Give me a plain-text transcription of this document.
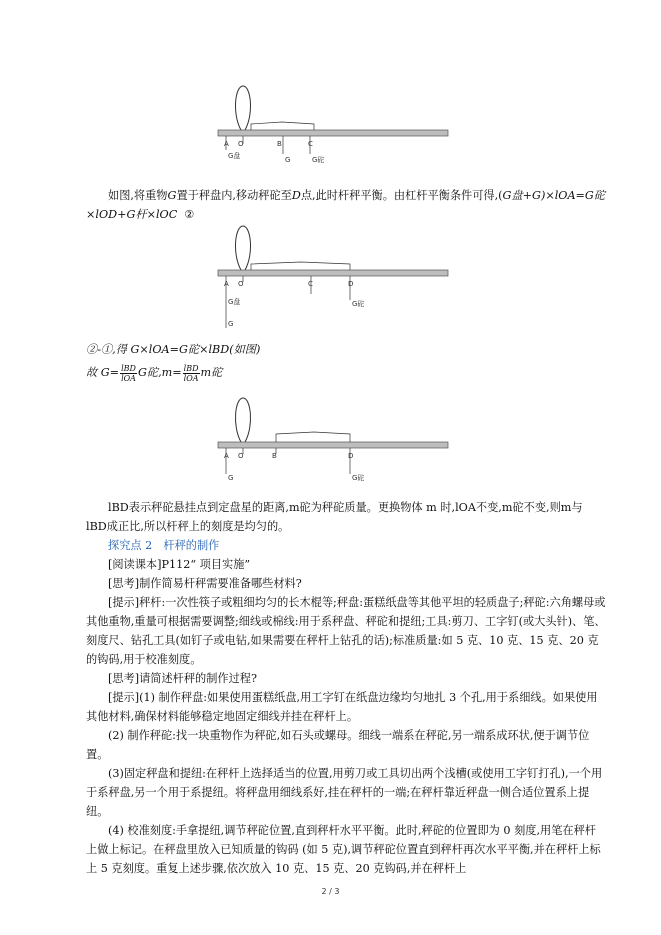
A O	B	C
G盘	G	G砣
如图,将重物G置于秤盘内,移动秤砣至D点,此时杆秤平衡。由杠杆平衡条件可得,(G盘+G)×lOA=G砣×lOD+G杆×lOC ②
A O	C	D
G盘
G
G砣
②-①,得 G×lOA=G砣×lBD(如图)
故 $G= \frac{\text{lBD}}{\text{lOA}}$ G砣$,m= \frac{\text{lBD}}{\text{lOA}}$ m砣
A O	B	D
G	G砣
lBD表示秤砣悬挂点到定盘星的距离,m砣为秤砣质量。更换物体 m 时,lOA不变,m砣不变,则m与 lBD成正比,所以杆秤上的刻度是均匀的。
探究点 2　杆秤的制作
[阅读课本]P112“ 项目实施”
[思考]制作简易杆秤需要准备哪些材料?
[提示]秤杆:一次性筷子或粗细均匀的长木棍等;秤盘:蛋糕纸盘等其他平坦的轻质盘子;秤砣:六角螺母或其他重物,重量可根据需要调整;细线或棉线:用于系秤盘、秤砣和提纽;工具:剪刀、工字钉(或大头针)、笔、刻度尺、钻孔工具(如钉子或电钻,如果需要在秤杆上钻孔的话);标准质量:如 5 克、10 克、15 克、20 克的钩码,用于校准刻度。
[思考]请简述杆秤的制作过程?
[提示](1) 制作秤盘:如果使用蛋糕纸盘,用工字钉在纸盘边缘均匀地扎 3 个孔,用于系细线。如果使用其他材料,确保材料能够稳定地固定细线并挂在秤杆上。
(2) 制作秤砣:找一块重物作为秤砣,如石头或螺母。细线一端系在秤砣,另一端系成环状,便于调节位置。
(3)固定秤盘和提纽:在秤杆上选择适当的位置,用剪刀或工具切出两个浅槽(或使用工字钉打孔),一个用于系秤盘,另一个用于系提纽。将秤盘用细线系好,挂在秤杆的一端;在秤杆靠近秤盘一侧合适位置系上提纽。
(4) 校准刻度:手拿提纽,调节秤砣位置,直到秤杆水平平衡。此时,秤砣的位置即为 0 刻度,用笔在秤杆上做上标记。在秤盘里放入已知质量的钩码 (如 5 克),调节秤砣位置直到秤杆再次水平平衡,并在秤杆上标上 5 克刻度。重复上述步骤,依次放入 10 克、15 克、20 克钩码,并在秤杆上
2 / 3
